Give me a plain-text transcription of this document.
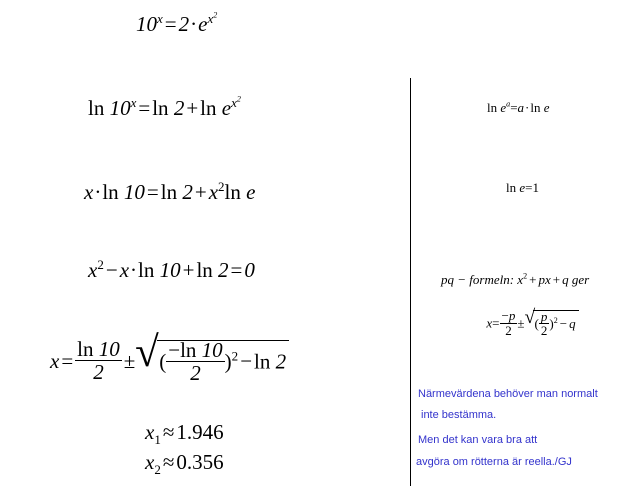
$10^x=2\cdot e^{x^2}$
$\ln 10^x=\ln$ 2+ln $e^{x^2}$
x·ln 10=ln $2+x^2\ln$ e
$x^2-x\cdot\ln$ 10+ln 2=0
$x= \frac{\ln 10}{2}$ ± √ ( $\frac{-\ln 10}{2} )^2-\ln$ 2
$x_1\approx 1.946$
$x_2\approx 0.356$
$\ln e^a=a\cdot\ln$ e
ln e=1
pq − formeln: $x^2$ + px + q ger
$x= \frac{-p}{2}$ ± √ ( $\frac{p}{2} )^2 - q$
Närmevärdena behöver man normalt
inte bestämma.
Men det kan vara bra att
avgöra om rötterna är reella./GJ
